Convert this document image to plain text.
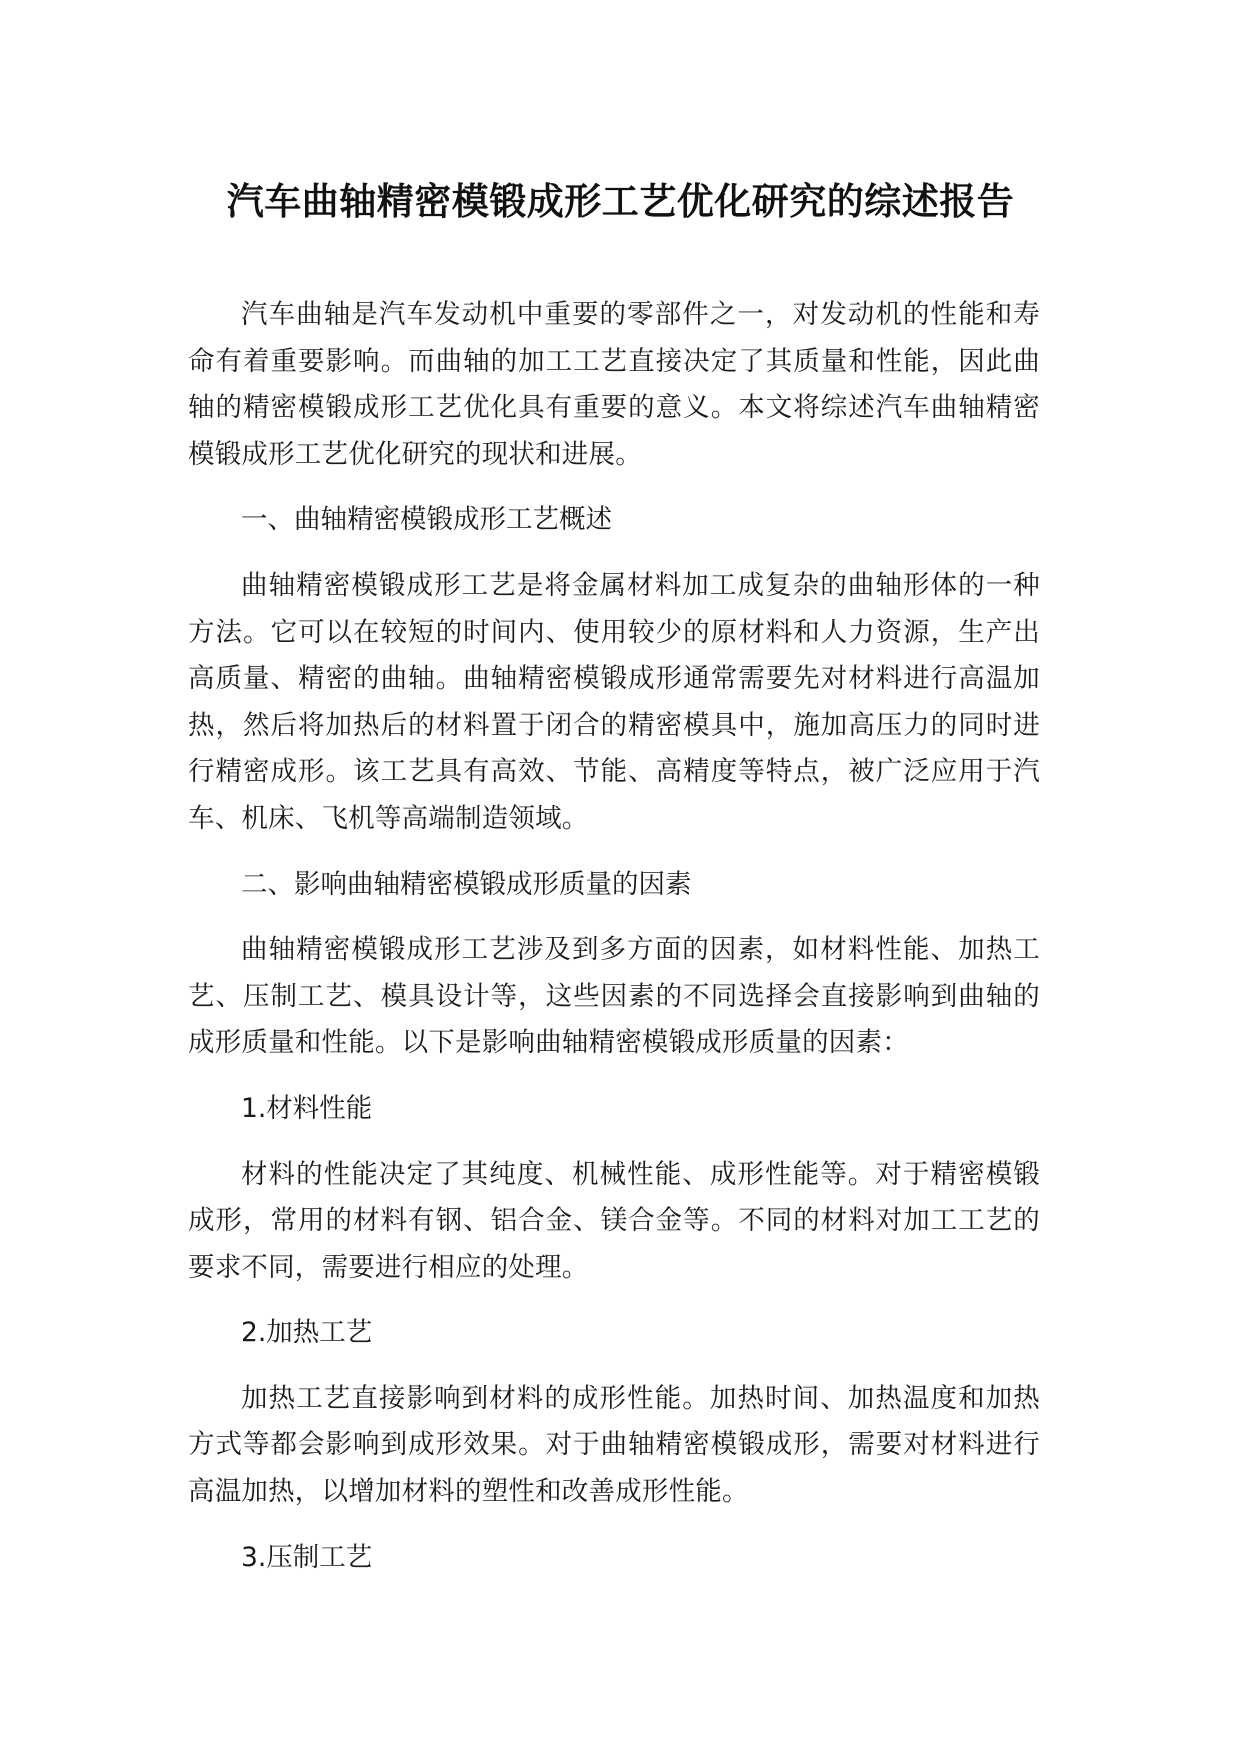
汽车曲轴精密模锻成形工艺优化研究的综述报告

汽车曲轴是汽车发动机中重要的零部件之一，对发动机的性能和寿命有着重要影响。而曲轴的加工工艺直接决定了其质量和性能，因此曲轴的精密模锻成形工艺优化具有重要的意义。本文将综述汽车曲轴精密模锻成形工艺优化研究的现状和进展。

一、曲轴精密模锻成形工艺概述

曲轴精密模锻成形工艺是将金属材料加工成复杂的曲轴形体的一种方法。它可以在较短的时间内、使用较少的原材料和人力资源，生产出高质量、精密的曲轴。曲轴精密模锻成形通常需要先对材料进行高温加热，然后将加热后的材料置于闭合的精密模具中，施加高压力的同时进行精密成形。该工艺具有高效、节能、高精度等特点，被广泛应用于汽车、机床、飞机等高端制造领域。

二、影响曲轴精密模锻成形质量的因素

曲轴精密模锻成形工艺涉及到多方面的因素，如材料性能、加热工艺、压制工艺、模具设计等，这些因素的不同选择会直接影响到曲轴的成形质量和性能。以下是影响曲轴精密模锻成形质量的因素：

1.材料性能

材料的性能决定了其纯度、机械性能、成形性能等。对于精密模锻成形，常用的材料有钢、铝合金、镁合金等。不同的材料对加工工艺的要求不同，需要进行相应的处理。

2.加热工艺

加热工艺直接影响到材料的成形性能。加热时间、加热温度和加热方式等都会影响到成形效果。对于曲轴精密模锻成形，需要对材料进行高温加热，以增加材料的塑性和改善成形性能。

3.压制工艺
